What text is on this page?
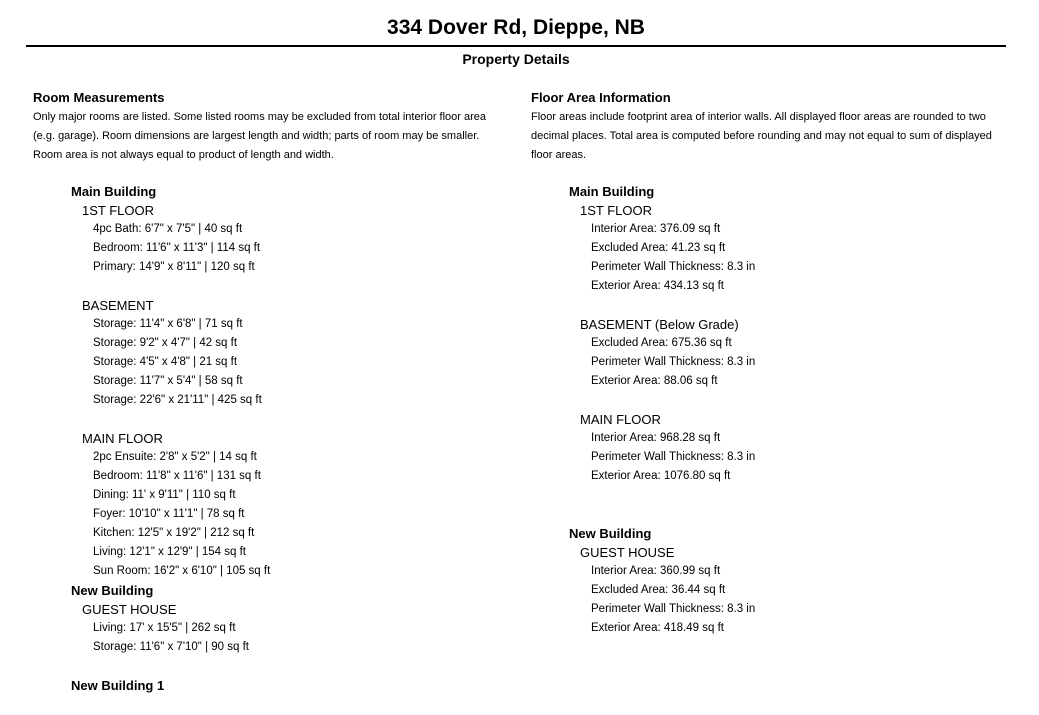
334 Dover Rd, Dieppe, NB
Property Details
Room Measurements
Only major rooms are listed. Some listed rooms may be excluded from total interior floor area (e.g. garage). Room dimensions are largest length and width; parts of room may be smaller. Room area is not always equal to product of length and width.
Main Building
1ST FLOOR
4pc Bath: 6'7" x 7'5" | 40 sq ft
Bedroom: 11'6" x 11'3" | 114 sq ft
Primary: 14'9" x 8'11" | 120 sq ft
BASEMENT
Storage: 11'4" x 6'8" | 71 sq ft
Storage: 9'2" x 4'7" | 42 sq ft
Storage: 4'5" x 4'8" | 21 sq ft
Storage: 11'7" x 5'4" | 58 sq ft
Storage: 22'6" x 21'11" | 425 sq ft
MAIN FLOOR
2pc Ensuite: 2'8" x 5'2" | 14 sq ft
Bedroom: 11'8" x 11'6" | 131 sq ft
Dining: 11' x 9'11" | 110 sq ft
Foyer: 10'10" x 11'1" | 78 sq ft
Kitchen: 12'5" x 19'2" | 212 sq ft
Living: 12'1" x 12'9" | 154 sq ft
Sun Room: 16'2" x 6'10" | 105 sq ft
New Building
GUEST HOUSE
Living: 17' x 15'5" | 262 sq ft
Storage: 11'6" x 7'10" | 90 sq ft
New Building 1
Floor Area Information
Floor areas include footprint area of interior walls. All displayed floor areas are rounded to two decimal places. Total area is computed before rounding and may not equal to sum of displayed floor areas.
Main Building
1ST FLOOR
Interior Area: 376.09 sq ft
Excluded Area: 41.23 sq ft
Perimeter Wall Thickness: 8.3 in
Exterior Area: 434.13 sq ft
BASEMENT (Below Grade)
Excluded Area: 675.36 sq ft
Perimeter Wall Thickness: 8.3 in
Exterior Area: 88.06 sq ft
MAIN FLOOR
Interior Area: 968.28 sq ft
Perimeter Wall Thickness: 8.3 in
Exterior Area: 1076.80 sq ft
New Building
GUEST HOUSE
Interior Area: 360.99 sq ft
Excluded Area: 36.44 sq ft
Perimeter Wall Thickness: 8.3 in
Exterior Area: 418.49 sq ft
